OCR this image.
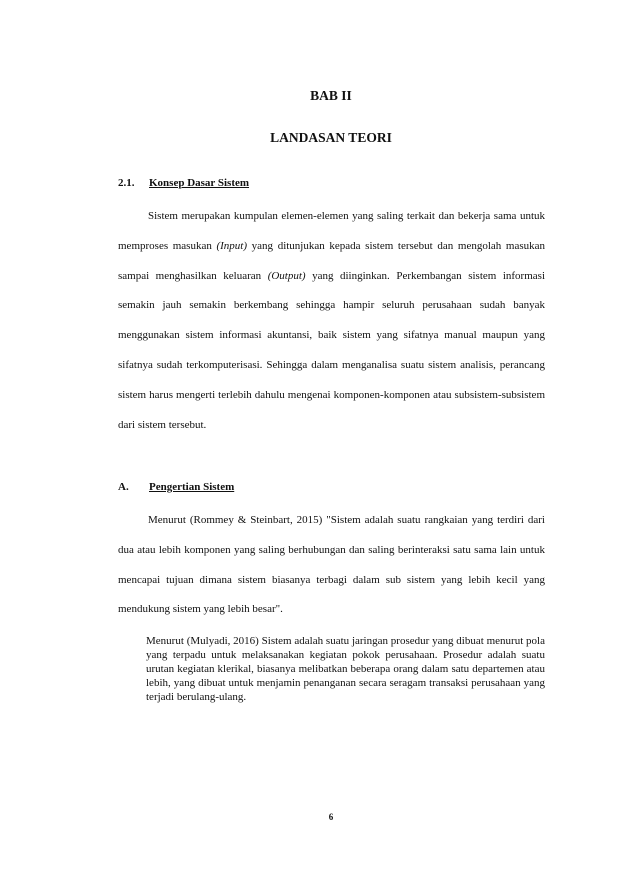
BAB II
LANDASAN TEORI
2.1. Konsep Dasar Sistem

Sistem merupakan kumpulan elemen-elemen yang saling terkait dan bekerja sama untuk memproses masukan (Input) yang ditunjukan kepada sistem tersebut dan mengolah masukan sampai menghasilkan keluaran (Output) yang diinginkan. Perkembangan sistem informasi semakin jauh semakin berkembang sehingga hampir seluruh perusahaan sudah banyak menggunakan sistem informasi akuntansi, baik sistem yang sifatnya manual maupun yang sifatnya sudah terkomputerisasi. Sehingga dalam menganalisa suatu sistem analisis, perancang sistem harus mengerti terlebih dahulu mengenai komponen-komponen atau subsistem-subsistem dari sistem tersebut.

A. Pengertian Sistem

Menurut (Rommey & Steinbart, 2015) "Sistem adalah suatu rangkaian yang terdiri dari dua atau lebih komponen yang saling berhubungan dan saling berinteraksi satu sama lain untuk mencapai tujuan dimana sistem biasanya terbagi dalam sub sistem yang lebih kecil yang mendukung sistem yang lebih besar".

Menurut (Mulyadi, 2016) Sistem adalah suatu jaringan prosedur yang dibuat menurut pola yang terpadu untuk melaksanakan kegiatan pokok perusahaan. Prosedur adalah suatu urutan kegiatan klerikal, biasanya melibatkan beberapa orang dalam satu departemen atau lebih, yang dibuat untuk menjamin penanganan secara seragam transaksi perusahaan yang terjadi berulang-ulang.

6
